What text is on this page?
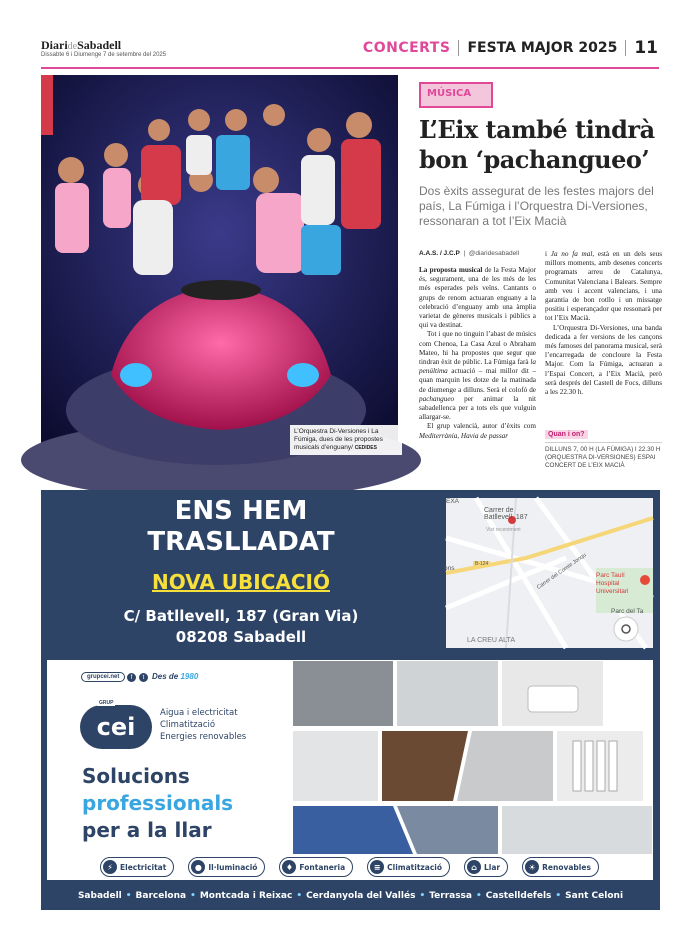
DiarideSabadell
Dissabte 6 i Diumenge 7 de setembre del 2025	CONCERTS FESTA MAJOR 2025 11
L’Orquestra Di-Versiones i La Fúmiga, dues de les propostes musicals d’enguany/ CEDIDES
MÚSICA
L’Eix també tindrà
bon ‘pachangueo’
Dos èxits assegurat de les festes majors del país, La Fúmiga i l’Orquestra Di-Versiones, ressonaran a tot l’Eix Macià
A.A.S. / J.C.P  |  @diaridesabadell

La proposta musical de la Festa Major és, segurament, una de les més de les més esperades pels veïns. Cantants o grups de renom actuaran enguany a la celebració d’enguany amb una àmplia varietat de gèneres musicals i públics a qui va destinat.

Tot i que no tinguin l’abast de músics com Chenoa, La Casa Azul o Abraham Mateo, hi ha propostes que segur que tindran èxit de públic. La Fúmiga farà la penúltima actuació – mai millor dit – quan marquin les dotze de la matinada de diumenge a dilluns. Serà el colofó de pachangueo per animar la nit sabadellenca per a tots els que vulguin allargar-se.

El grup valencià, autor d’èxits com Mediterrània, Havia de passar

i Ja no fa mal, està en un dels seus millors moments, amb desenes concerts programats arreu de Catalunya, Comunitat Valenciana i Balears. Sempre amb veu i accent valencians, i una garantia de bon rotllo i un missatge positiu i esperançador que ressonarà per tot l’Eix Macià.

L’Orquestra Di-Versiones, una banda dedicada a fer versions de les cançons més famoses del panorama musical, serà l’encarregada de concloure la Festa Major. Com la Fúmiga, actuaran a l’Espai Concert, a l’Eix Macià, però serà després del Castell de Focs, dilluns a les 22.30 h.

Quan i on?
DILLUNS 7, 00 H (LA FÚMIGA) I 22.30 H (ORQUESTRA DI-VERSIONES) ESPAI CONCERT DE L’EIX MACIÀ
ENS HEM
TRASLLADAT
NOVA UBICACIÓ
C/ Batllevell, 187 (Gran Via)
08208 Sabadell
EXA
Carrer de Batllevell, 187
Vist recentment
B-124
ons	Carrer del Comte Jonqu Parc Taulí Hospital Universitari
Parc del Ta
LA CREU ALTA
grupcei.net	f	t Des de 1980
cei
GRUP
Aigua i electricitat
Climatització
Energies renovables
Solucions
professionals
per a la llar
⚡ Electricitat	● Il·luminació	♦ Fontaneria	≡ Climatització	⌂ Llar	☀ Renovables
Sabadell • Barcelona • Montcada i Reixac • Cerdanyola del Vallés • Terrassa • Castelldefels • Sant Celoni
